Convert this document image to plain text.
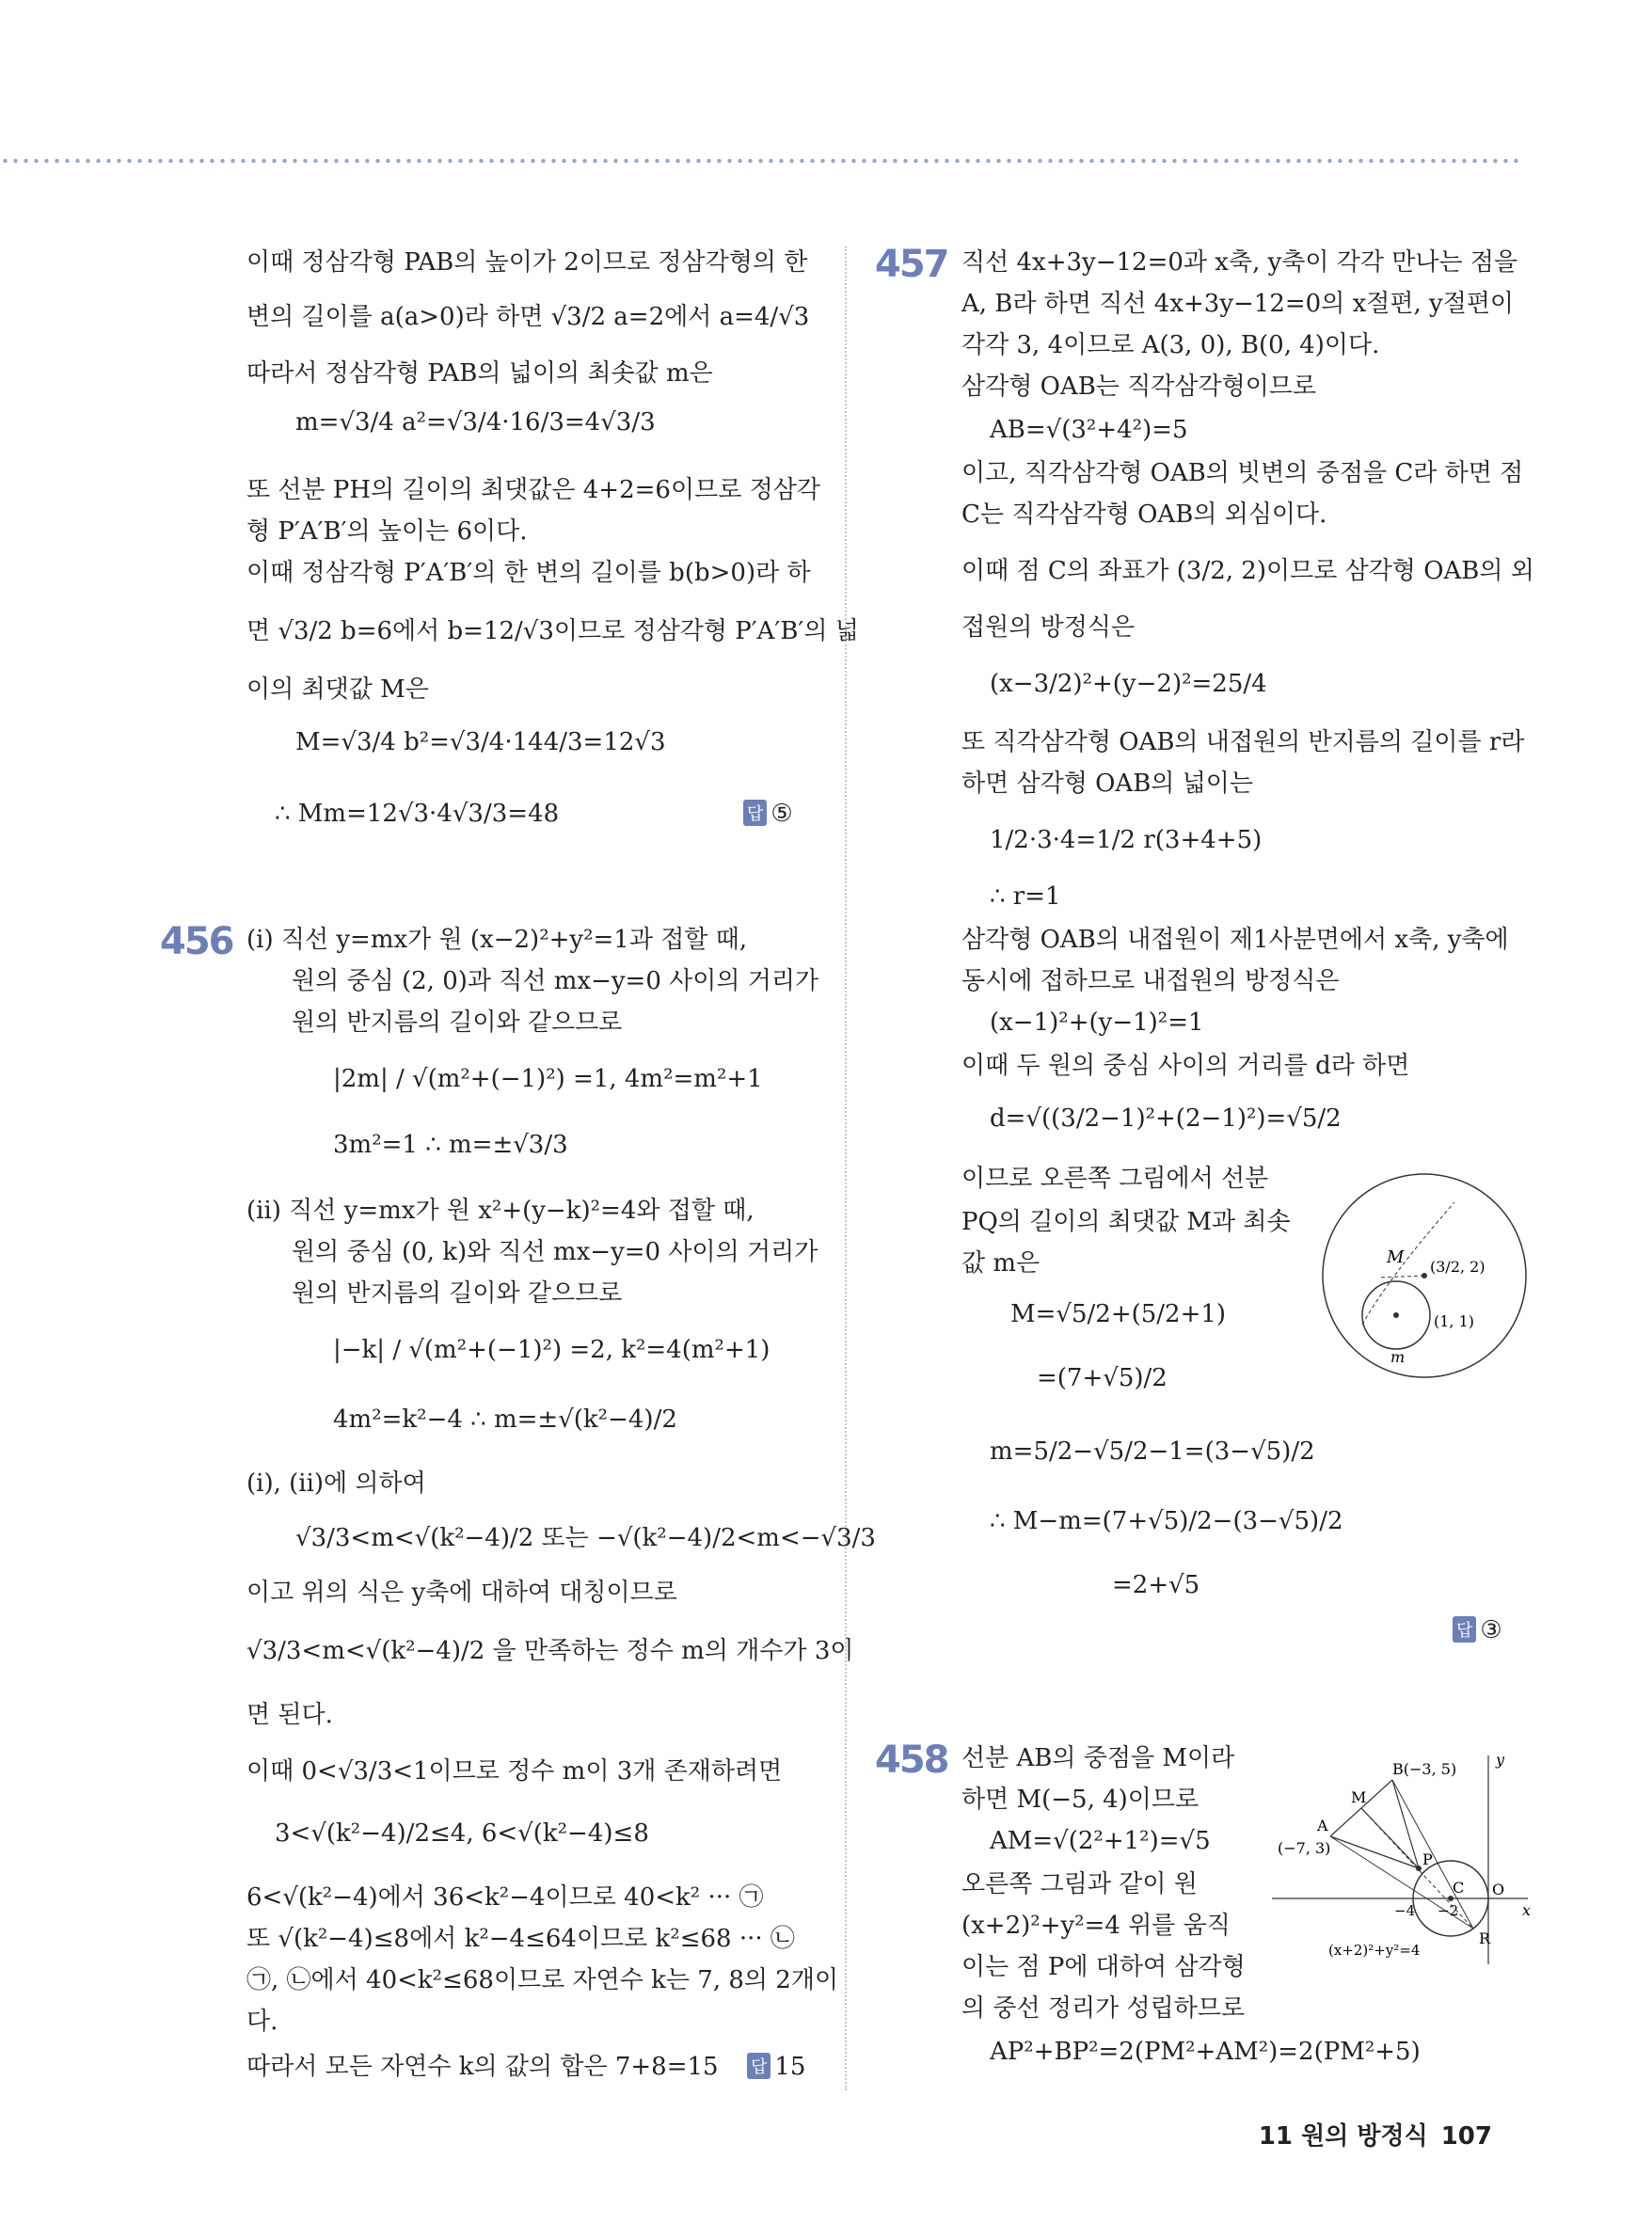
이때 정삼각형 PAB의 높이가 2이므로 정삼각형의 한
변의 길이를 a(a>0)라 하면 √3/2 a=2에서 a=4/√3
따라서 정삼각형 PAB의 넓이의 최솟값 m은
m=√3/4 a²=√3/4·16/3=4√3/3
또 선분 PH의 길이의 최댓값은 4+2=6이므로 정삼각
형 P′A′B′의 높이는 6이다.
이때 정삼각형 P′A′B′의 한 변의 길이를 b(b>0)라 하
면 √3/2 b=6에서 b=12/√3이므로 정삼각형 P′A′B′의 넓
이의 최댓값 M은
M=√3/4 b²=√3/4·144/3=12√3
∴ Mm=12√3·4√3/3=48	답 ⑤
456 (ⅰ) 직선 y=mx가 원 (x−2)²+y²=1과 접할 때,
원의 중심 (2, 0)과 직선 mx−y=0 사이의 거리가
원의 반지름의 길이와 같으므로
|2m| / √(m²+(−1)²) =1, 4m²=m²+1
3m²=1 ∴ m=±√3/3
(ⅱ) 직선 y=mx가 원 x²+(y−k)²=4와 접할 때,
원의 중심 (0, k)와 직선 mx−y=0 사이의 거리가
원의 반지름의 길이와 같으므로
|−k| / √(m²+(−1)²) =2, k²=4(m²+1)
4m²=k²−4 ∴ m=±√(k²−4)/2
(ⅰ), (ⅱ)에 의하여
√3/3<m<√(k²−4)/2 또는 −√(k²−4)/2<m<−√3/3
이고 위의 식은 y축에 대하여 대칭이므로
√3/3<m<√(k²−4)/2 을 만족하는 정수 m의 개수가 3이
면 된다.
이때 0<√3/3<1이므로 정수 m이 3개 존재하려면
3<√(k²−4)/2≤4, 6<√(k²−4)≤8
6<√(k²−4)에서 36<k²−4이므로 40<k² ··· ㉠
또 √(k²−4)≤8에서 k²−4≤64이므로 k²≤68 ··· ㉡
㉠, ㉡에서 40<k²≤68이므로 자연수 k는 7, 8의 2개이
다.
따라서 모든 자연수 k의 값의 합은 7+8=15 답 15
457 직선 4x+3y−12=0과 x축, y축이 각각 만나는 점을
A, B라 하면 직선 4x+3y−12=0의 x절편, y절편이
각각 3, 4이므로 A(3, 0), B(0, 4)이다.
삼각형 OAB는 직각삼각형이므로
AB=√(3²+4²)=5
이고, 직각삼각형 OAB의 빗변의 중점을 C라 하면 점
C는 직각삼각형 OAB의 외심이다.
이때 점 C의 좌표가 (3/2, 2)이므로 삼각형 OAB의 외
접원의 방정식은
(x−3/2)²+(y−2)²=25/4
또 직각삼각형 OAB의 내접원의 반지름의 길이를 r라
하면 삼각형 OAB의 넓이는
1/2·3·4=1/2 r(3+4+5)
∴ r=1
삼각형 OAB의 내접원이 제1사분면에서 x축, y축에
동시에 접하므로 내접원의 방정식은
(x−1)²+(y−1)²=1
이때 두 원의 중심 사이의 거리를 d라 하면
d=√((3/2−1)²+(2−1)²)=√5/2
이므로 오른쪽 그림에서 선분
PQ의 길이의 최댓값 M과 최솟
값 m은
M=√5/2+(5/2+1)
=(7+√5)/2
m=5/2−√5/2−1=(3−√5)/2
∴ M−m=(7+√5)/2−(3−√5)/2
=2+√5
답 ③
M (3/2, 2)
(1, 1)
m
458 선분 AB의 중점을 M이라
하면 M(−5, 4)이므로
AM=√(2²+1²)=√5
오른쪽 그림과 같이 원
(x+2)²+y²=4 위를 움직
이는 점 P에 대하여 삼각형
의 중선 정리가 성립하므로
AP²+BP²=2(PM²+AM²)=2(PM²+5)
y
x
O
B(−3, 5)
M
A
(−7, 3)
P
C
R
−4 −2
(x+2)²+y²=4
11 원의 방정식 107
